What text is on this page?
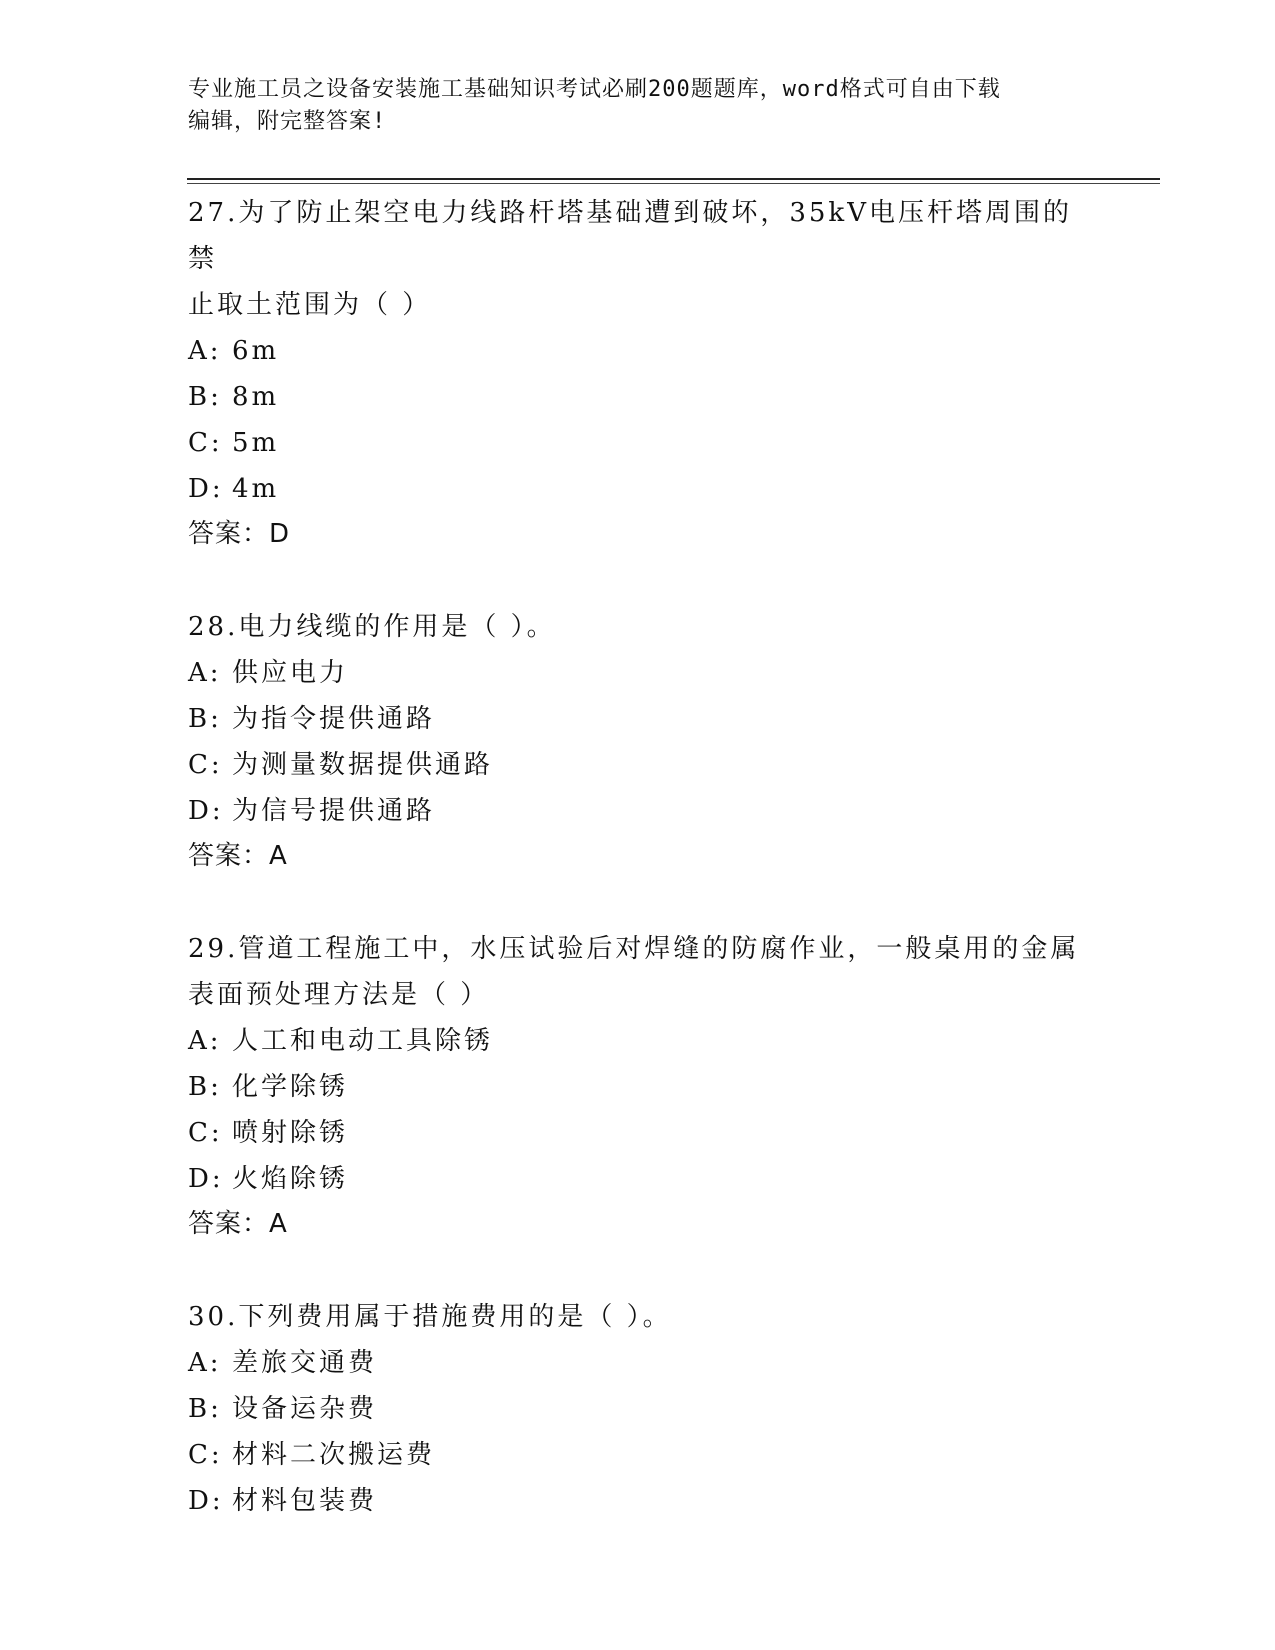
专业施工员之设备安装施工基础知识考试必刷200题题库，word格式可自由下载
编辑，附完整答案!

27.为了防止架空电力线路杆塔基础遭到破坏，35kV电压杆塔周围的禁
止取土范围为（ ）

A: 6m

B: 8m

C: 5m

D: 4m

答案：D

28.电力线缆的作用是（ ）。

A: 供应电力

B: 为指令提供通路

C: 为测量数据提供通路

D: 为信号提供通路

答案：A

29.管道工程施工中，水压试验后对焊缝的防腐作业，一般桌用的金属
表面预处理方法是（ ）

A: 人工和电动工具除锈

B: 化学除锈

C: 喷射除锈

D: 火焰除锈

答案：A

30.下列费用属于措施费用的是（ ）。

A: 差旅交通费

B: 设备运杂费

C: 材料二次搬运费

D: 材料包装费
